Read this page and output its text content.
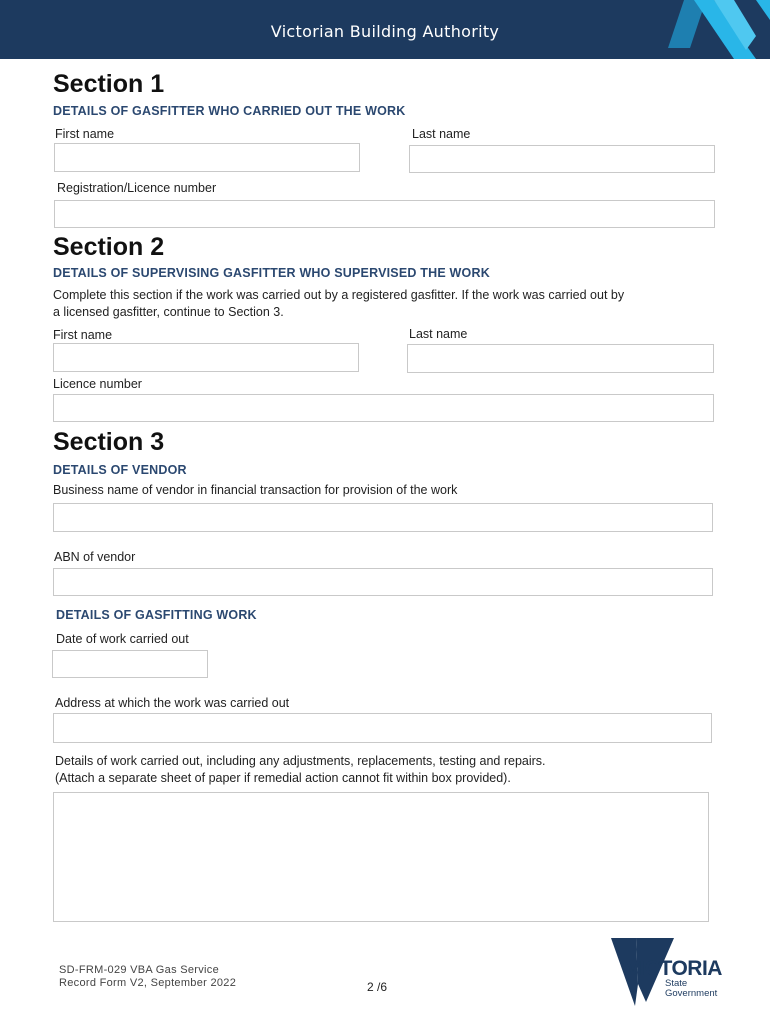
Victorian Building Authority
Section 1
DETAILS OF GASFITTER WHO CARRIED OUT THE WORK
First name	Last name
Registration/Licence number
Section 2
DETAILS OF SUPERVISING GASFITTER WHO SUPERVISED THE WORK
Complete this section if the work was carried out by a registered gasfitter. If the work was carried out by
a licensed gasfitter, continue to Section 3.
First name	Last name
Licence number
Section 3
DETAILS OF VENDOR
Business name of vendor in financial transaction for provision of the work
ABN of vendor
DETAILS OF GASFITTING WORK
Date of work carried out
Address at which the work was carried out
Details of work carried out, including any adjustments, replacements, testing and repairs.
(Attach a separate sheet of paper if remedial action cannot fit within box provided).
SD-FRM-029 VBA Gas Service
Record Form V2, September 2022	2 /6
VICTORIA
State
Government
